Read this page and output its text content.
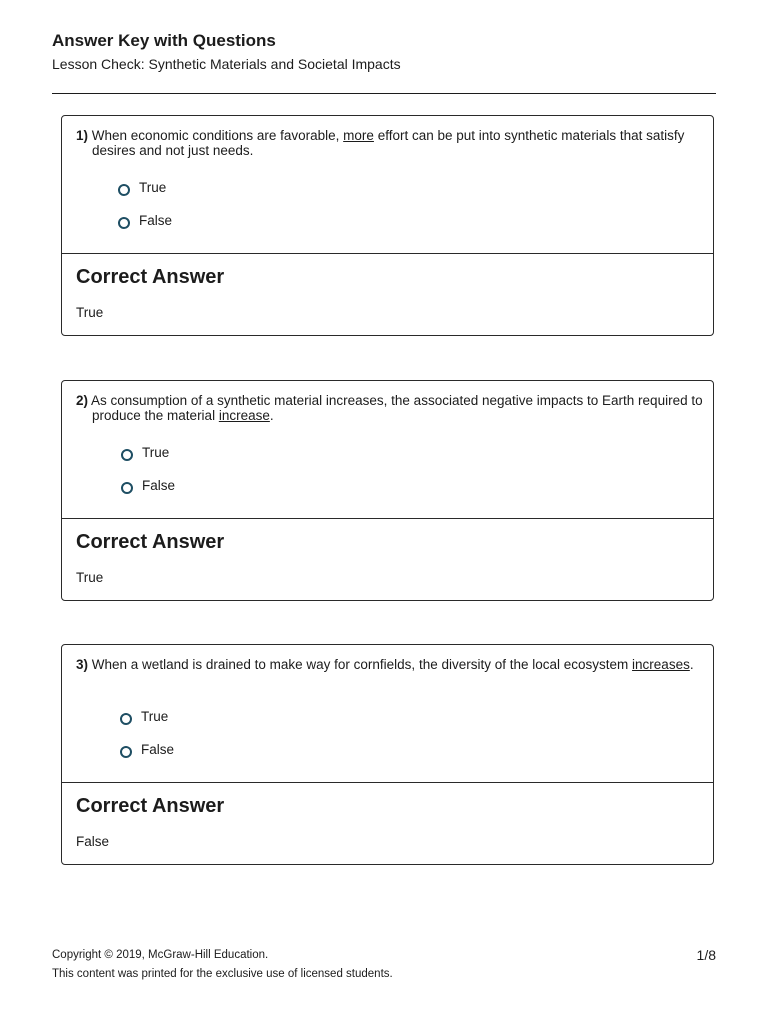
Answer Key with Questions
Lesson Check: Synthetic Materials and Societal Impacts
1) When economic conditions are favorable, more effort can be put into synthetic materials that satisfy desires and not just needs.
True
False
Correct Answer
True
2) As consumption of a synthetic material increases, the associated negative impacts to Earth required to produce the material increase.
True
False
Correct Answer
True
3) When a wetland is drained to make way for cornfields, the diversity of the local ecosystem increases.
True
False
Correct Answer
False
Copyright © 2019, McGraw-Hill Education.
This content was printed for the exclusive use of licensed students.
1/8
